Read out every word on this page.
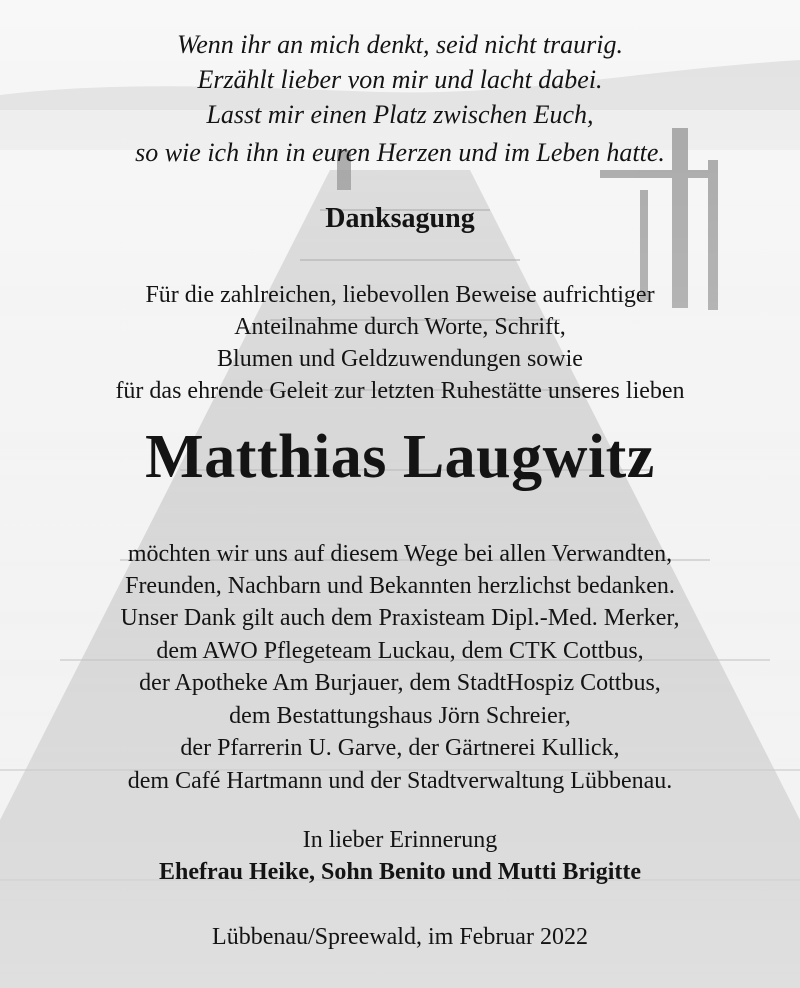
Wenn ihr an mich denkt, seid nicht traurig.
Erzählt lieber von mir und lacht dabei.
Lasst mir einen Platz zwischen Euch,
so wie ich ihn in euren Herzen und im Leben hatte.
Danksagung
Für die zahlreichen, liebevollen Beweise aufrichtiger
Anteilnahme durch Worte, Schrift,
Blumen und Geldzuwendungen sowie
für das ehrende Geleit zur letzten Ruhestätte unseres lieben
Matthias Laugwitz
möchten wir uns auf diesem Wege bei allen Verwandten,
Freunden, Nachbarn und Bekannten herzlichst bedanken.
Unser Dank gilt auch dem Praxisteam Dipl.-Med. Merker,
dem AWO Pflegeteam Luckau, dem CTK Cottbus,
der Apotheke Am Burjauer, dem StadtHospiz Cottbus,
dem Bestattungshaus Jörn Schreier,
der Pfarrerin U. Garve, der Gärtnerei Kullick,
dem Café Hartmann und der Stadtverwaltung Lübbenau.
In lieber Erinnerung
Ehefrau Heike, Sohn Benito und Mutti Brigitte
Lübbenau/Spreewald, im Februar 2022
